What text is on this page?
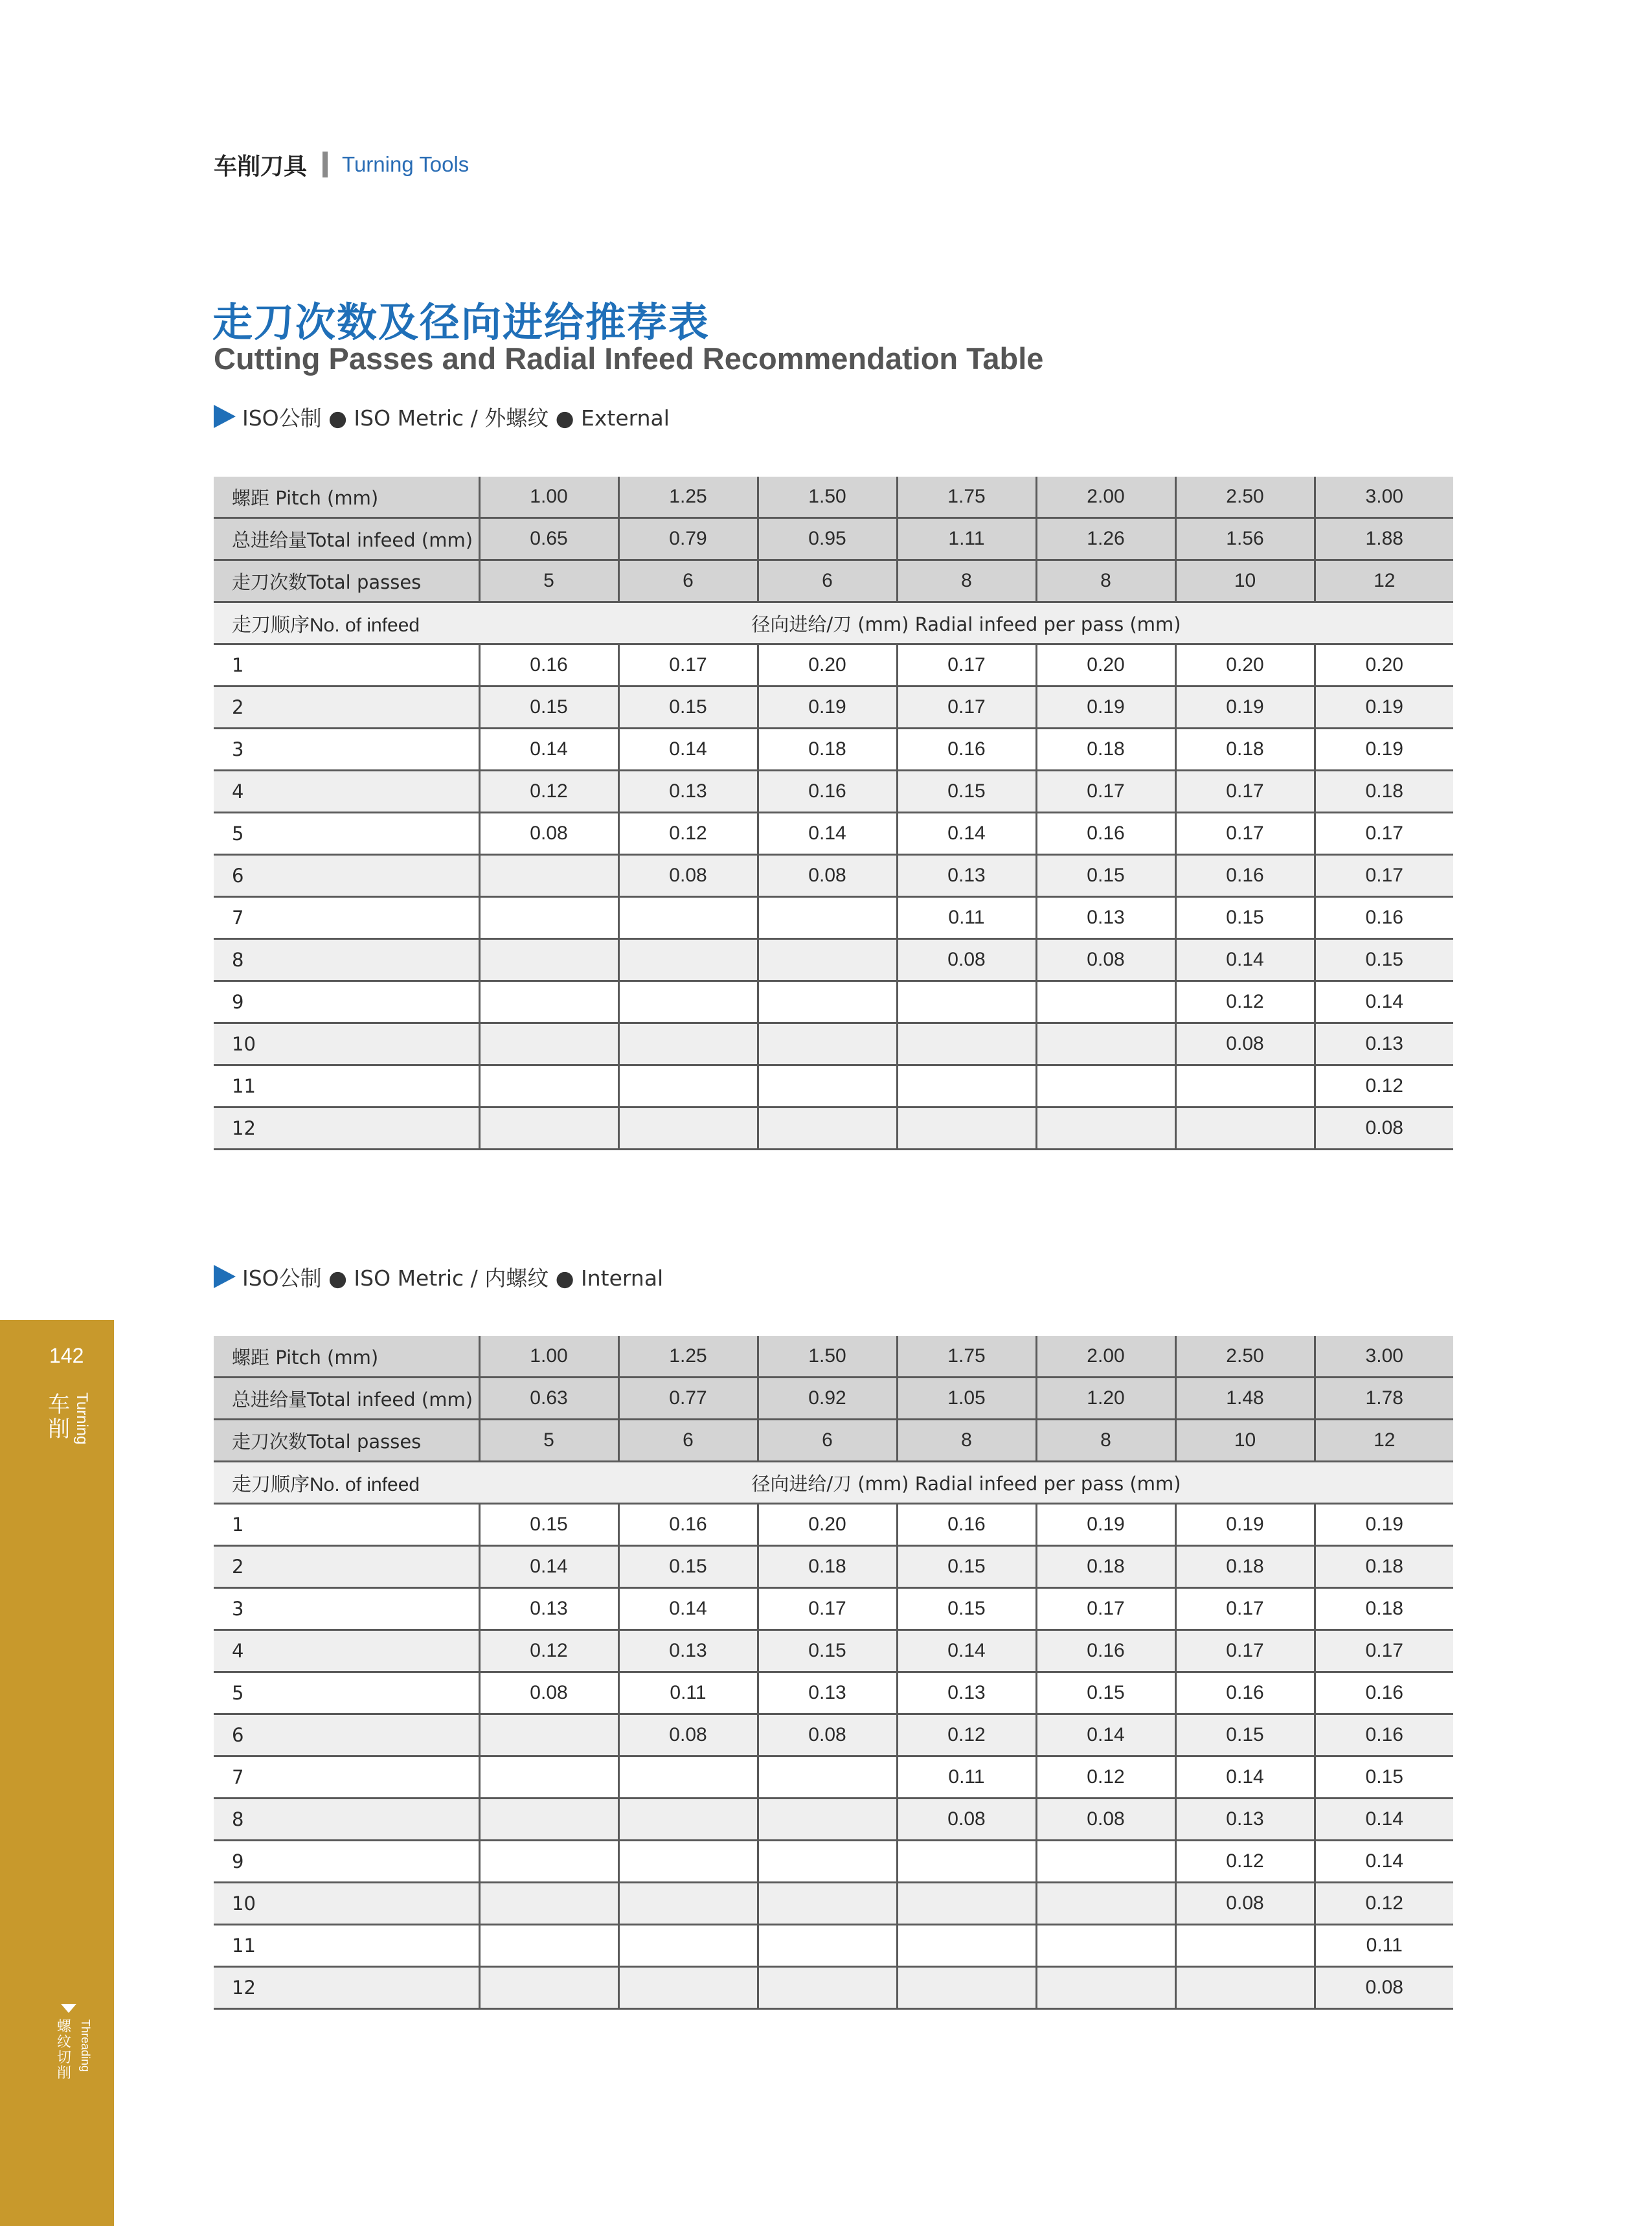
车削刀具 Turning Tools
走刀次数及径向进给推荐表
Cutting Passes and Radial Infeed Recommendation Table
ISO公制 ● ISO Metric / 外螺纹 ● External
螺距 Pitch (mm)	1.00	1.25	1.50	1.75	2.00	2.50	3.00
总进给量Total infeed (mm)	0.65	0.79	0.95	1.11	1.26	1.56	1.88
走刀次数Total passes	5	6	6	8	8	10	12
走刀顺序No. of infeed	径向进给/刀 (mm) Radial infeed per pass (mm)						
1	0.16	0.17	0.20	0.17	0.20	0.20	0.20
2	0.15	0.15	0.19	0.17	0.19	0.19	0.19
3	0.14	0.14	0.18	0.16	0.18	0.18	0.19
4	0.12	0.13	0.16	0.15	0.17	0.17	0.18
5	0.08	0.12	0.14	0.14	0.16	0.17	0.17
6		0.08	0.08	0.13	0.15	0.16	0.17
7				0.11	0.13	0.15	0.16
8				0.08	0.08	0.14	0.15
9						0.12	0.14
10						0.08	0.13
11							0.12
12							0.08
ISO公制 ● ISO Metric / 内螺纹 ● Internal
螺距 Pitch (mm)	1.00	1.25	1.50	1.75	2.00	2.50	3.00
总进给量Total infeed (mm)	0.63	0.77	0.92	1.05	1.20	1.48	1.78
走刀次数Total passes	5	6	6	8	8	10	12
走刀顺序No. of infeed	径向进给/刀 (mm) Radial infeed per pass (mm)						
1	0.15	0.16	0.20	0.16	0.19	0.19	0.19
2	0.14	0.15	0.18	0.15	0.18	0.18	0.18
3	0.13	0.14	0.17	0.15	0.17	0.17	0.18
4	0.12	0.13	0.15	0.14	0.16	0.17	0.17
5	0.08	0.11	0.13	0.13	0.15	0.16	0.16
6		0.08	0.08	0.12	0.14	0.15	0.16
7				0.11	0.12	0.14	0.15
8				0.08	0.08	0.13	0.14
9						0.12	0.14
10						0.08	0.12
11							0.11
12							0.08
142
车削 Turning
螺纹切削
Threading
